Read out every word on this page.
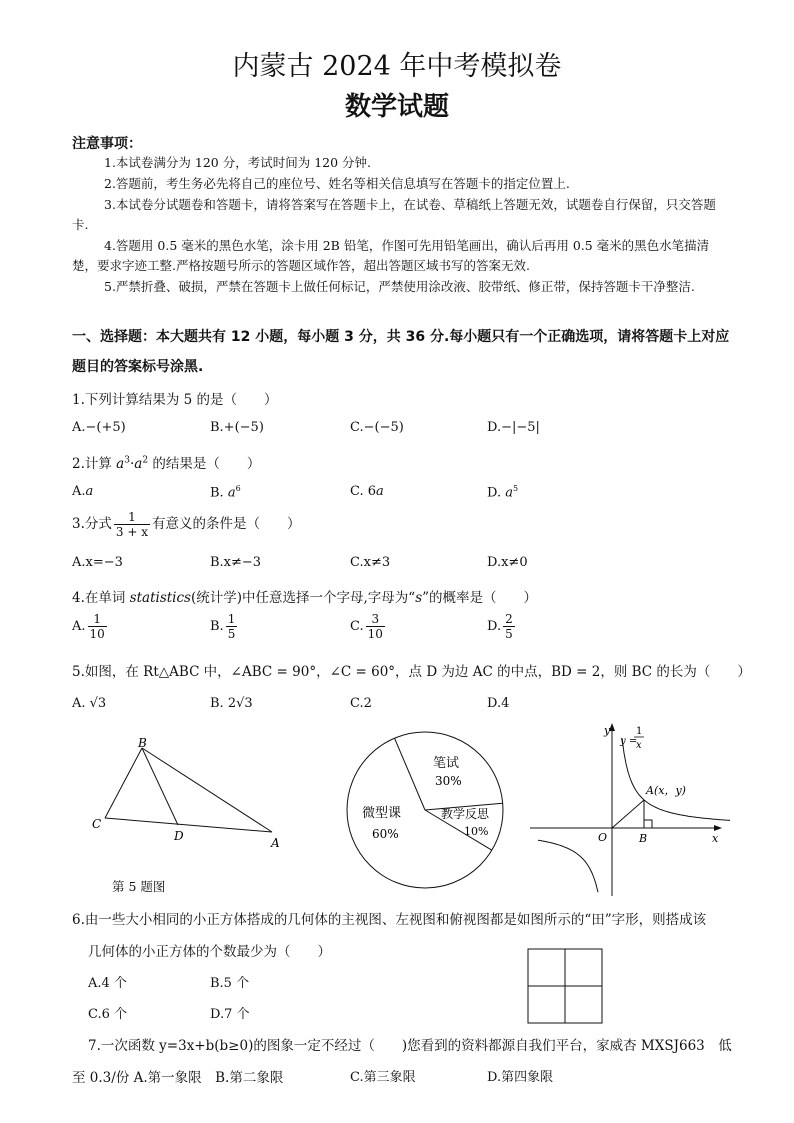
内蒙古 2024 年中考模拟卷
数学试题
注意事项：
1.本试卷满分为 120 分，考试时间为 120 分钟.
2.答题前，考生务必先将自己的座位号、姓名等相关信息填写在答题卡的指定位置上.
3.本试卷分试题卷和答题卡，请将答案写在答题卡上，在试卷、草稿纸上答题无效，试题卷自行保留，只交答题卡.
4.答题用 0.5 毫米的黑色水笔，涂卡用 2B 铅笔，作图可先用铅笔画出，确认后再用 0.5 毫米的黑色水笔描清楚，要求字迹工整.严格按题号所示的答题区域作答，超出答题区域书写的答案无效.
5.严禁折叠、破损，严禁在答题卡上做任何标记，严禁使用涂改液、胶带纸、修正带，保持答题卡干净整洁.
一、选择题：本大题共有 12 小题，每小题 3 分，共 36 分.每小题只有一个正确选项，请将答题卡上对应题目的答案标号涂黑.
1.下列计算结果为 5 的是（　　）
A.−(+5)	B.+(−5)	C.−(−5)	D.−|−5|
2.计算 $a^3\cdot a^2$ 的结果是（　　）
A.a	B. $a^6$	C. 6a	D. $a^5$
3.分式 $\frac{1}{3 + x}$ 有意义的条件是（　　）
A.x=−3	B.x≠−3	C.x≠3	D.x≠0
4.在单词 statistics(统计学)中任意选择一个字母,字母为“s”的概率是（　　）
A. $\frac{1}{10}$	B. $\frac{1}{5}$	C. $\frac{3}{10}$	D. $\frac{2}{5}$
5.如图，在 Rt△ABC 中，∠ABC = 90°，∠C = 60°，点 D 为边 AC 的中点，BD = 2，则 BC 的长为（　　）
A. √3	B. 2√3	C.2	D.4
B
C
D	A
第 5 题图
笔试
30%
教学反思
10%
微型课
60%
y
x
y =
1
x
A(x，y)
O	B
6.由一些大小相同的小正方体搭成的几何体的主视图、左视图和俯视图都是如图所示的“田”字形，则搭成该
几何体的小正方体的个数最少为（　　）
A.4 个	B.5 个
C.6 个	D.7 个
7.一次函数 y=3x+b(b≥0)的图象一定不经过（　　)您看到的资料都源自我们平台，家威杏 MXSJ663　低
至 0.3/份 A.第一象限　B.第二象限	C.第三象限	D.第四象限
